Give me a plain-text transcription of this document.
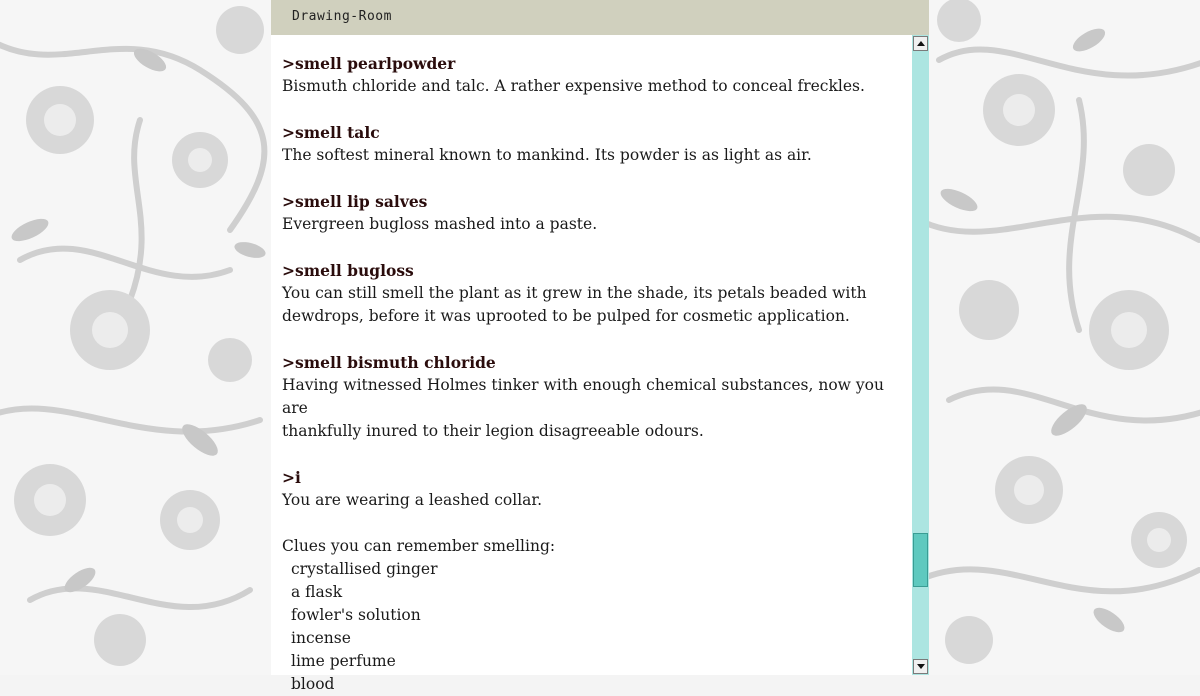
Drawing-Room
>smell pearlpowder
Bismuth chloride and talc. A rather expensive method to conceal freckles.
>smell talc
The softest mineral known to mankind. Its powder is as light as air.
>smell lip salves
Evergreen bugloss mashed into a paste.
>smell bugloss
You can still smell the plant as it grew in the shade, its petals beaded with
dewdrops, before it was uprooted to be pulped for cosmetic application.
>smell bismuth chloride
Having witnessed Holmes tinker with enough chemical substances, now you are
thankfully inured to their legion disagreeable odours.
>i
You are wearing a leashed collar.
Clues you can remember smelling:
crystallised ginger
a flask
fowler's solution
incense
lime perfume
blood
